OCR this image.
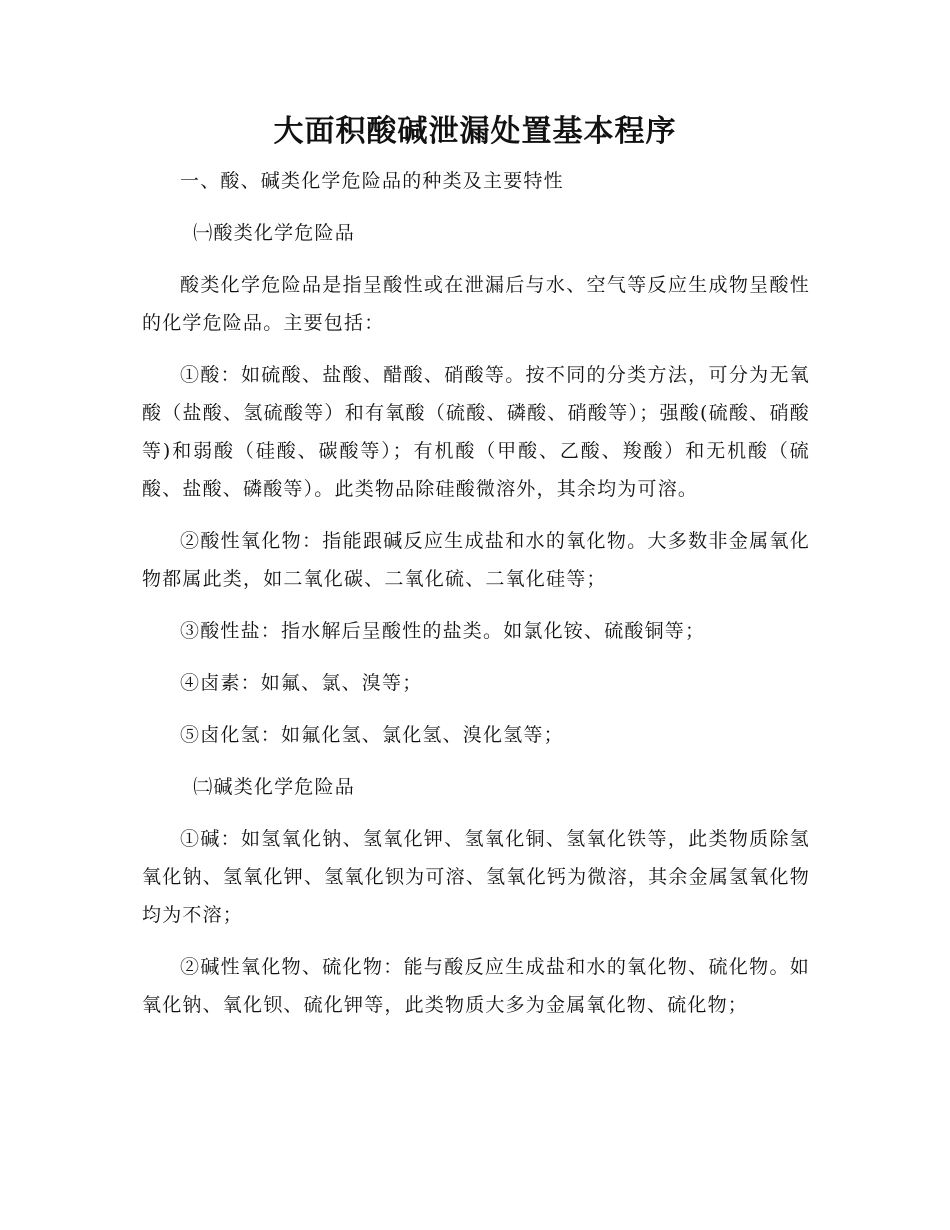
大面积酸碱泄漏处置基本程序

一、酸、碱类化学危险品的种类及主要特性

㈠酸类化学危险品

酸类化学危险品是指呈酸性或在泄漏后与水、空气等反应生成物呈酸性的化学危险品。主要包括：

①酸：如硫酸、盐酸、醋酸、硝酸等。按不同的分类方法，可分为无氧酸（盐酸、氢硫酸等）和有氧酸（硫酸、磷酸、硝酸等）；强酸(硫酸、硝酸等)和弱酸（硅酸、碳酸等）；有机酸（甲酸、乙酸、羧酸）和无机酸（硫酸、盐酸、磷酸等）。此类物品除硅酸微溶外，其余均为可溶。

②酸性氧化物：指能跟碱反应生成盐和水的氧化物。大多数非金属氧化物都属此类，如二氧化碳、二氧化硫、二氧化硅等；

③酸性盐：指水解后呈酸性的盐类。如氯化铵、硫酸铜等；

④卤素：如氟、氯、溴等；

⑤卤化氢：如氟化氢、氯化氢、溴化氢等；

㈡碱类化学危险品

①碱：如氢氧化钠、氢氧化钾、氢氧化铜、氢氧化铁等，此类物质除氢氧化钠、氢氧化钾、氢氧化钡为可溶、氢氧化钙为微溶，其余金属氢氧化物均为不溶；

②碱性氧化物、硫化物：能与酸反应生成盐和水的氧化物、硫化物。如氧化钠、氧化钡、硫化钾等，此类物质大多为金属氧化物、硫化物；
